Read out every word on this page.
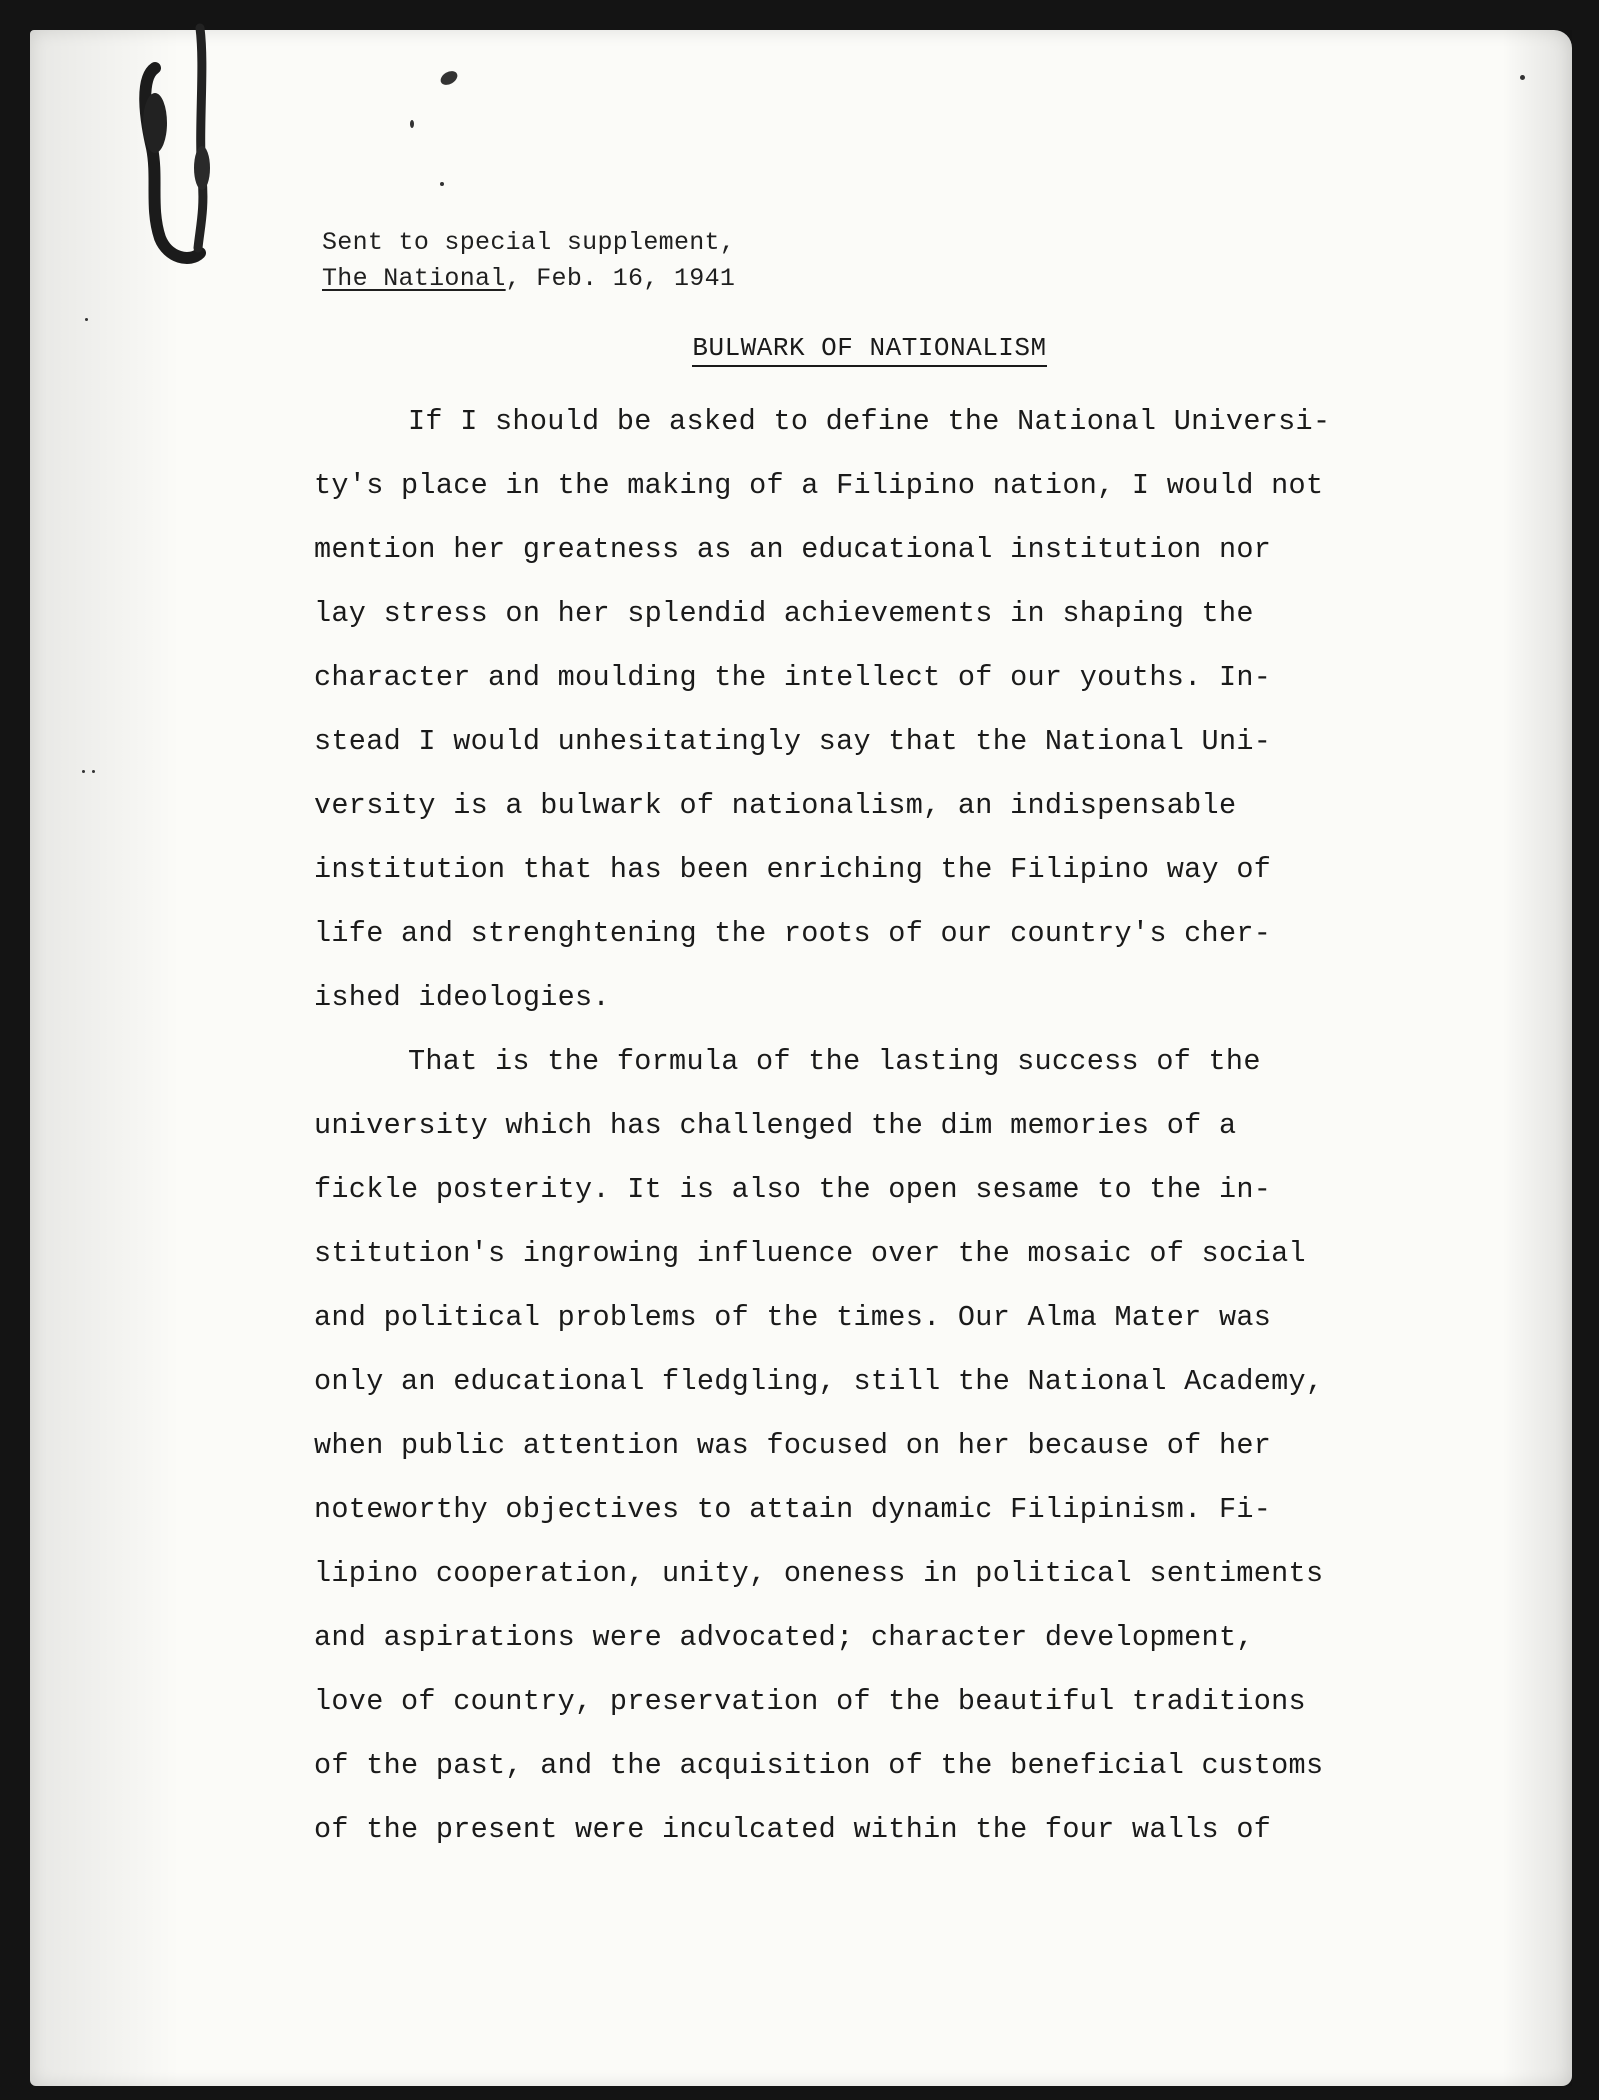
Sent to special supplement,
The National, Feb. 16, 1941
BULWARK OF NATIONALISM
If I should be asked to define the National Universi-
ty's place in the making of a Filipino nation, I would not
mention her greatness as an educational institution nor
lay stress on her splendid achievements in shaping the
character and moulding the intellect of our youths. In-
stead I would unhesitatingly say that the National Uni-
versity is a bulwark of nationalism, an indispensable
institution that has been enriching the Filipino way of
life and strenghtening the roots of our country's cher-
ished ideologies.
That is the formula of the lasting success of the
university which has challenged the dim memories of a
fickle posterity. It is also the open sesame to the in-
stitution's ingrowing influence over the mosaic of social
and political problems of the times. Our Alma Mater was
only an educational fledgling, still the National Academy,
when public attention was focused on her because of her
noteworthy objectives to attain dynamic Filipinism. Fi-
lipino cooperation, unity, oneness in political sentiments
and aspirations were advocated; character development,
love of country, preservation of the beautiful traditions
of the past, and the acquisition of the beneficial customs
of the present were inculcated within the four walls of
